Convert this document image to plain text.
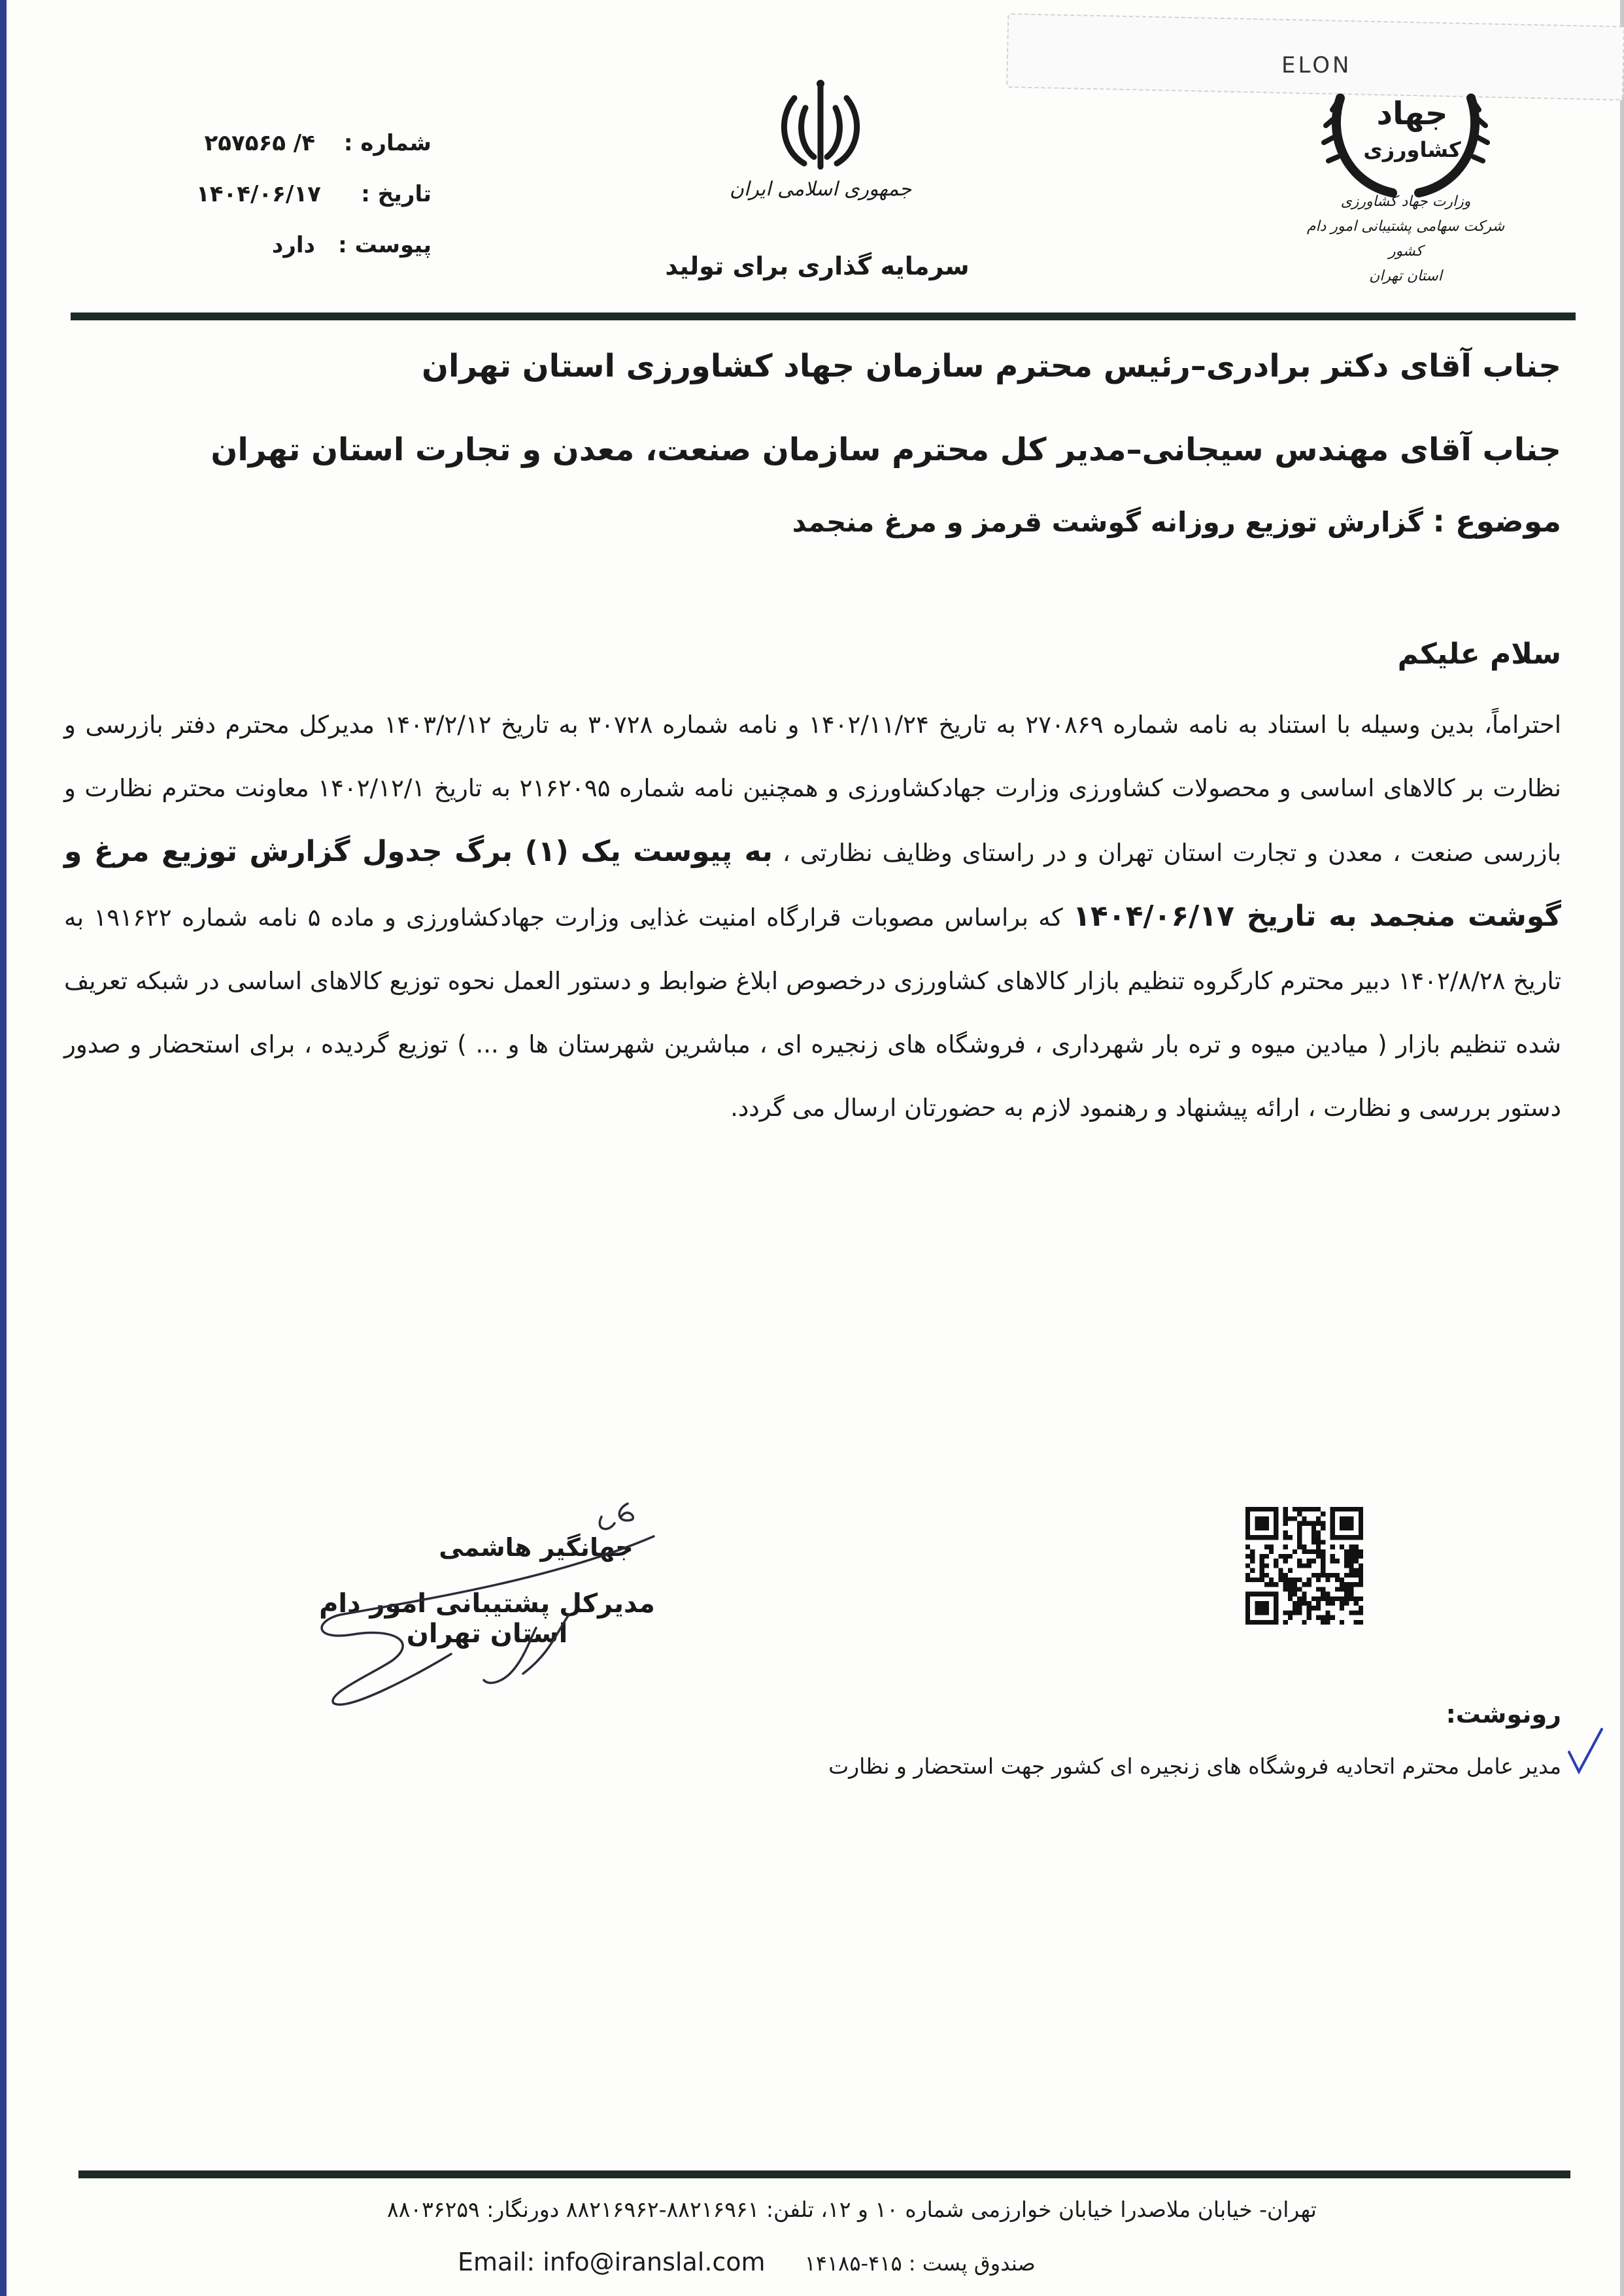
ELON
شماره :
۴/ ۲۵۷۵۶۵
تاریخ :
۱۴۰۴/۰۶/۱۷
پیوست :
دارد
جمهوری اسلامی ایران
سرمایه گذاری برای تولید
جهاد
کشاورزی
وزارت جهاد کشاورزی
شرکت سهامی پشتیبانی امور دام کشور
استان تهران
جناب آقای دکتر برادری–رئیس محترم سازمان جهاد کشاورزی استان تهران
جناب آقای مهندس سیجانی–مدیر کل محترم سازمان صنعت، معدن و تجارت استان تهران
موضوع : گزارش توزیع روزانه گوشت قرمز و مرغ منجمد
سلام علیکم
احتراماً، بدین وسیله با استناد به نامه شماره ۲۷۰۸۶۹ به تاریخ ۱۴۰۲/۱۱/۲۴ و نامه شماره ۳۰۷۲۸ به تاریخ ۱۴۰۳/۲/۱۲ مدیرکل محترم دفتر بازرسی و نظارت بر کالاهای اساسی و محصولات کشاورزی وزارت جهادکشاورزی و همچنین نامه شماره ۲۱۶۲۰۹۵ به تاریخ ۱۴۰۲/۱۲/۱ معاونت محترم نظارت و بازرسی صنعت ، معدن و تجارت استان تهران و در راستای وظایف نظارتی ، به پیوست یک (۱) برگ جدول گزارش توزیع مرغ و گوشت منجمد به تاریخ ۱۴۰۴/۰۶/۱۷ که براساس مصوبات قرارگاه امنیت غذایی وزارت جهادکشاورزی و ماده ۵ نامه شماره ۱۹۱۶۲۲ به تاریخ ۱۴۰۲/۸/۲۸ دبیر محترم کارگروه تنظیم بازار کالاهای کشاورزی درخصوص ابلاغ ضوابط و دستور العمل نحوه توزیع کالاهای اساسی در شبکه تعریف شده تنظیم بازار ( میادین میوه و تره بار شهرداری ، فروشگاه های زنجیره ای ، مباشرین شهرستان ها و ... ) توزیع گردیده ، برای استحضار و صدور دستور بررسی و نظارت ، ارائه پیشنهاد و رهنمود لازم به حضورتان ارسال می گردد.
جهانگیر هاشمی
مدیرکل پشتیبانی امور دام استان تهران
رونوشت:
مدیر عامل محترم اتحادیه فروشگاه های زنجیره ای کشور جهت استحضار و نظارت
تهران- خیابان ملاصدرا خیابان خوارزمی شماره ۱۰ و ۱۲، تلفن: ۸۸۲۱۶۹۶۱-۸۸۲۱۶۹۶۲ دورنگار: ۸۸۰۳۶۲۵۹
Email: info@iranslal.com صندوق پست : ۴۱۵-۱۴۱۸۵
